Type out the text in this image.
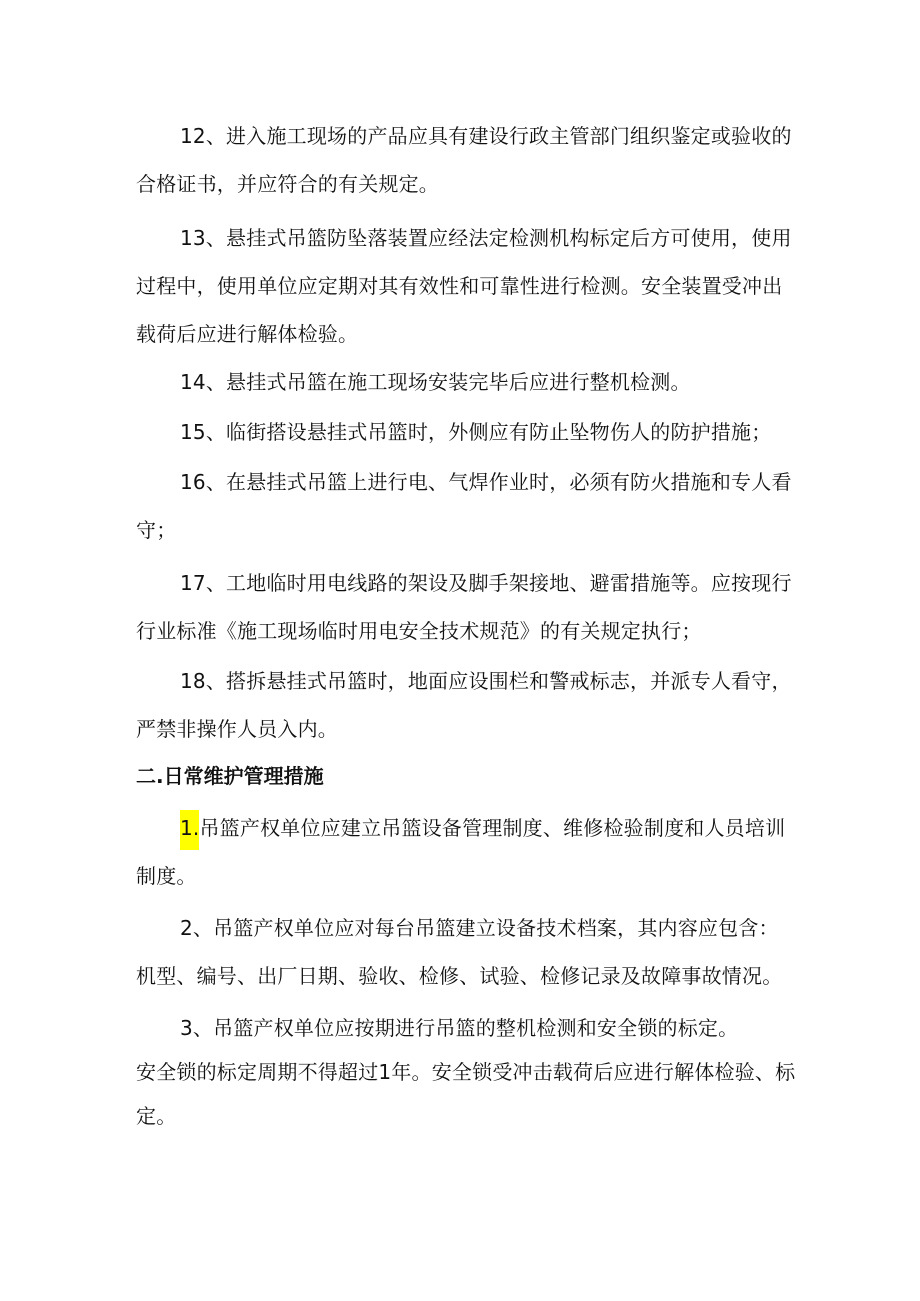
12、进入施工现场的产品应具有建设行政主管部门组织鉴定或验收的
合格证书，并应符合的有关规定。
13、悬挂式吊篮防坠落装置应经法定检测机构标定后方可使用，使用
过程中，使用单位应定期对其有效性和可靠性进行检测。安全装置受冲出
载荷后应进行解体检验。
14、悬挂式吊篮在施工现场安装完毕后应进行整机检测。
15、临街搭设悬挂式吊篮时，外侧应有防止坠物伤人的防护措施；
16、在悬挂式吊篮上进行电、气焊作业时，必须有防火措施和专人看
守；
17、工地临时用电线路的架设及脚手架接地、避雷措施等。应按现行
行业标准《施工现场临时用电安全技术规范》的有关规定执行；
18、搭拆悬挂式吊篮时，地面应设围栏和警戒标志，并派专人看守，
严禁非操作人员入内。
二.日常维护管理措施
1.吊篮产权单位应建立吊篮设备管理制度、维修检验制度和人员培训
制度。
2、吊篮产权单位应对每台吊篮建立设备技术档案，其内容应包含：
机型、编号、出厂日期、验收、检修、试验、检修记录及故障事故情况。
3、吊篮产权单位应按期进行吊篮的整机检测和安全锁的标定。
安全锁的标定周期不得超过1年。安全锁受冲击载荷后应进行解体检验、标
定。
